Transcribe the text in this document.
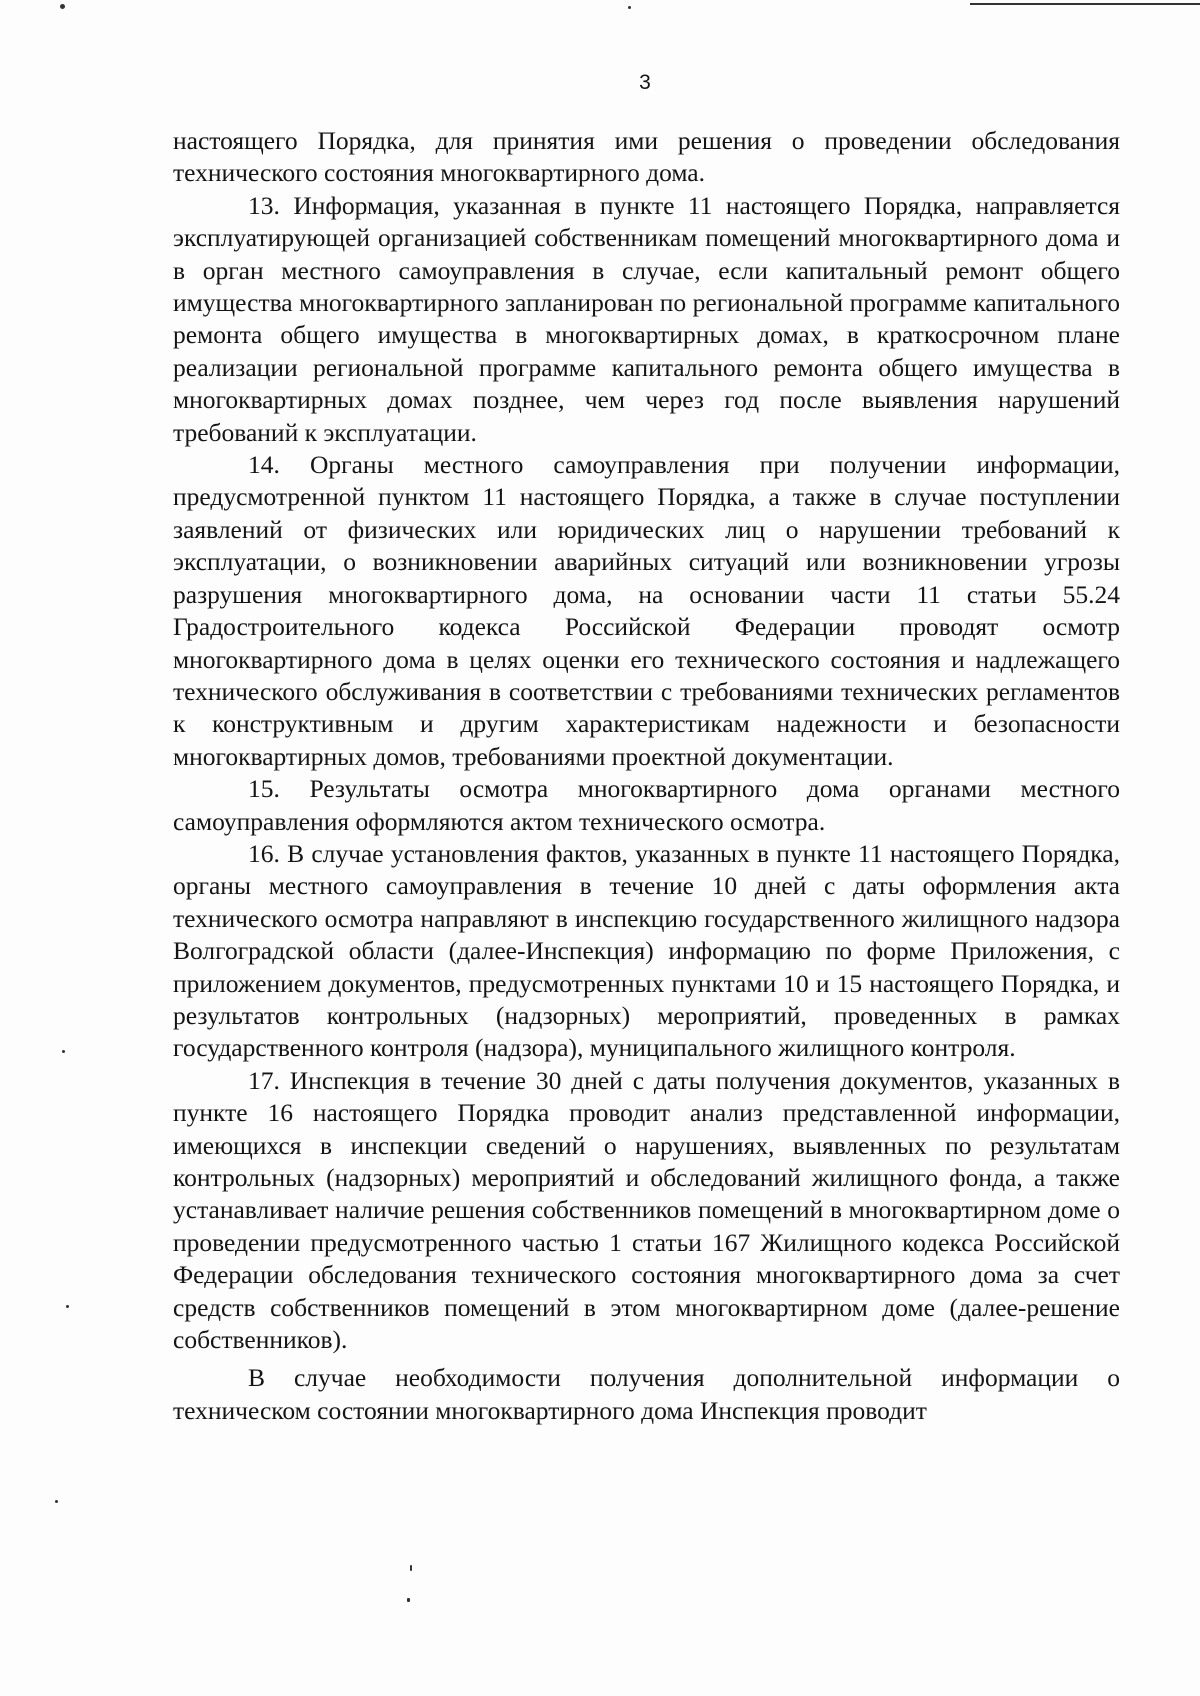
3

настоящего Порядка, для принятия ими решения о проведении обследования технического состояния многоквартирного дома.

13. Информация, указанная в пункте 11 настоящего Порядка, направляется эксплуатирующей организацией собственникам помещений многоквартирного дома и в орган местного самоуправления в случае, если капитальный ремонт общего имущества многоквартирного запланирован по региональной программе капитального ремонта общего имущества в многоквартирных домах, в краткосрочном плане реализации региональной программе капитального ремонта общего имущества в многоквартирных домах позднее, чем через год после выявления нарушений требований к эксплуатации.

14. Органы местного самоуправления при получении информации, предусмотренной пунктом 11 настоящего Порядка, а также в случае поступлении заявлений от физических или юридических лиц о нарушении требований к эксплуатации, о возникновении аварийных ситуаций или возникновении угрозы разрушения многоквартирного дома, на основании части 11 статьи 55.24 Градостроительного кодекса Российской Федерации проводят осмотр многоквартирного дома в целях оценки его технического состояния и надлежащего технического обслуживания в соответствии с требованиями технических регламентов к конструктивным и другим характеристикам надежности и безопасности многоквартирных домов, требованиями проектной документации.

15. Результаты осмотра многоквартирного дома органами местного самоуправления оформляются актом технического осмотра.

16. В случае установления фактов, указанных в пункте 11 настоящего Порядка, органы местного самоуправления в течение 10 дней с даты оформления акта технического осмотра направляют в инспекцию государственного жилищного надзора Волгоградской области (далее-Инспекция) информацию по форме Приложения, с приложением документов, предусмотренных пунктами 10 и 15 настоящего Порядка, и результатов контрольных (надзорных) мероприятий, проведенных в рамках государственного контроля (надзора), муниципального жилищного контроля.

17. Инспекция в течение 30 дней с даты получения документов, указанных в пункте 16 настоящего Порядка проводит анализ представленной информации, имеющихся в инспекции сведений о нарушениях, выявленных по результатам контрольных (надзорных) мероприятий и обследований жилищного фонда, а также устанавливает наличие решения собственников помещений в многоквартирном доме о проведении предусмотренного частью 1 статьи 167 Жилищного кодекса Российской Федерации обследования технического состояния многоквартирного дома за счет средств собственников помещений в этом многоквартирном доме (далее-решение собственников).

В случае необходимости получения дополнительной информации о техническом состоянии многоквартирного дома Инспекция проводит
